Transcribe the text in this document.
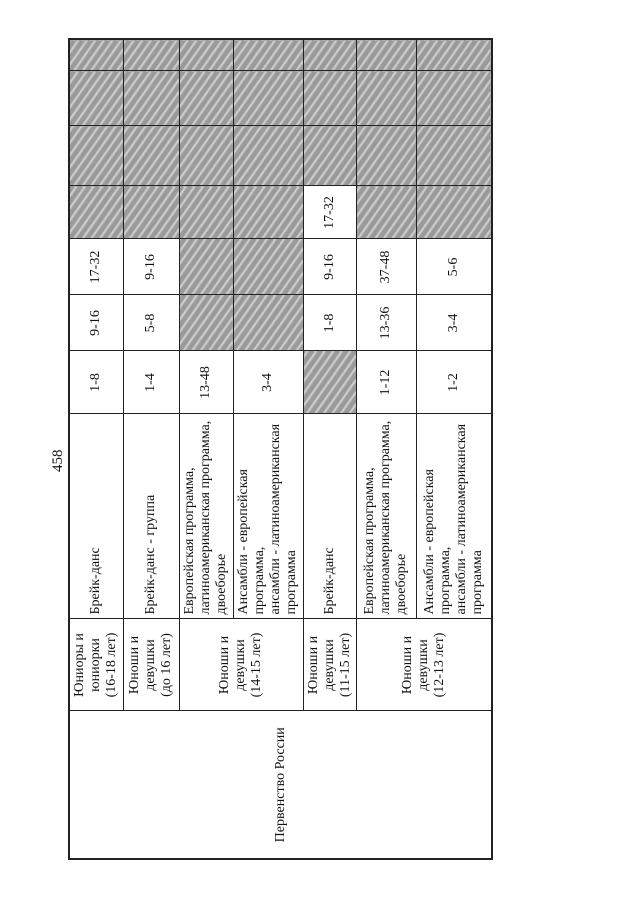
458
Первенство России	Юниоры и
юниорки
(16-18 лет)	Брейк-данс	1-8	9-16	17-32				
	Юноши и девушки
(до 16 лет)	Брейк-данс - группа	1-4	5-8	9-16				
	Юноши и девушки
(14-15 лет)	Европейская программа,
латиноамериканская программа,
двоеборье	13-48						
		Ансамбли - европейская
программа,
ансамбли - латиноамериканская
программа	3-4						
	Юноши и девушки
(11-15 лет)	Брейк-данс		1-8	9-16	17-32			
	Юноши и девушки
(12-13 лет)	Европейская программа,
латиноамериканская программа,
двоеборье	1-12	13-36	37-48				
		Ансамбли - европейская
программа,
ансамбли - латиноамериканская
программа	1-2	3-4	5-6				
